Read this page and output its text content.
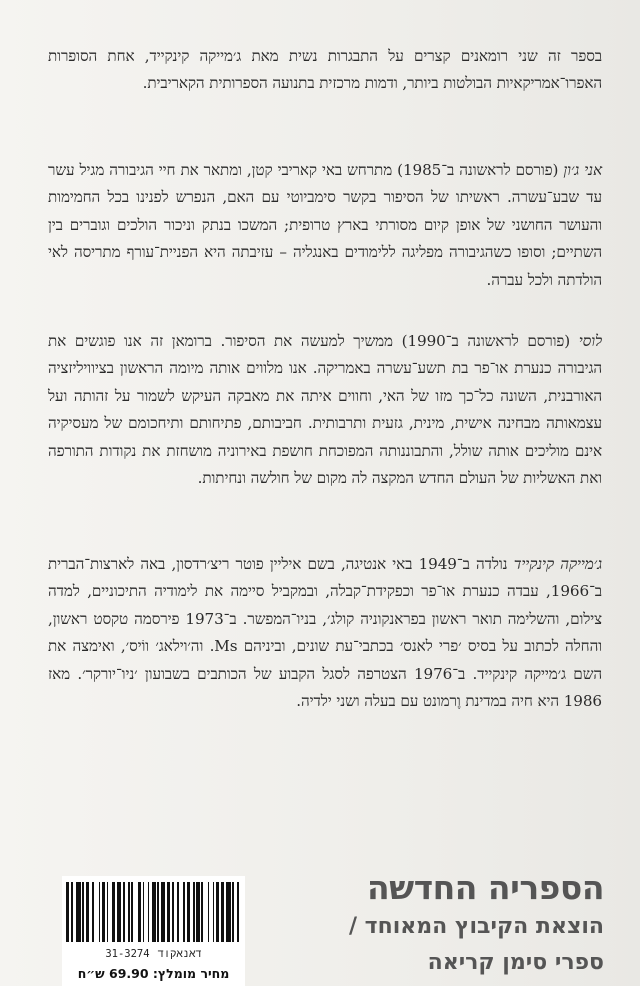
בספר זה שני רומאנים קצרים על התבגרות נשית מאת ג׳מייקה קינקייד, אחת הסופרות האפרו־אמריקאיות הבולטות ביותר, ודמות מרכזית בתנועה הספרותית הקאריבית.
אני ג׳ון (פורסם לראשונה ב־1985) מתרחש באי קאריבי קטן, ומתאר את חיי הגיבורה מגיל עשר עד שבע־עשרה. ראשיתו של הסיפור בקשר סימביוטי עם האם, הנפרש לפנינו בכל החמימות והעושר החושני של אופן קיום מסורתי בארץ טרופית; המשכו בנתק וניכור הולכים וגוברים בין השתיים; וסופו כשהגיבורה מפליגה ללימודים באנגליה – עזיבתה היא הפניית־עורף מתריסה לאי הולדתה ולכל עברה.
לוסי (פורסם לראשונה ב־1990) ממשיך למעשה את הסיפור. ברומאן זה אנו פוגשים את הגיבורה כנערת או־פר בת תשע־עשרה באמריקה. אנו מלווים אותה מיומה הראשון בציוויליזציה האורבנית, השונה כל־כך מזו של האי, וחווים איתה את מאבקה העיקש לשמור על זהותה ועל עצמאותה מבחינה אישית, מינית, גזעית ותרבותית. חביבותם, פתיחותם ותיחכומם של מעסיקיה אינם מוליכים אותה שולל, והתבוננותה המפוכחת חושפת באירוניה מושחזת את נקודות התורפה ואת האשליות של העולם החדש המקצה לה מקום של חולשה ונחיתות.
ג׳מייקה קינקייד נולדה ב־1949 באי אנטיגה, בשם איליין פוטר ריצ׳רדסון, באה לארצות־הברית ב־1966, עבדה כנערת או־פר וכפקידת־קבלה, ובמקביל סיימה את לימודיה התיכוניים, למדה צילום, והשלימה תואר ראשון בפראנקוניה קולג׳, בניו־המפשר. ב־1973 פירסמה טקסט ראשון, והחלה לכתוב על בסיס ׳פרי לאנס׳ בכתבי־עת שונים, וביניהם Ms. וה׳וילאג׳ ווֹיס׳, ואימצה את השם ג׳מייקה קינקייד. ב־1976 הצטרפה לסגל הקבוע של הכותבים בשבועון ׳ניו־יורקר׳. מאז 1986 היא חיה במדינת וֶרמונט עם בעלה ושני ילדיה.
הספריה החדשה
הוצאת הקיבוץ המאוחד /
ספרי סימן קריאה
דאנאקוד31-3274
מחיר מומלץ: 69.90 ש״ח
